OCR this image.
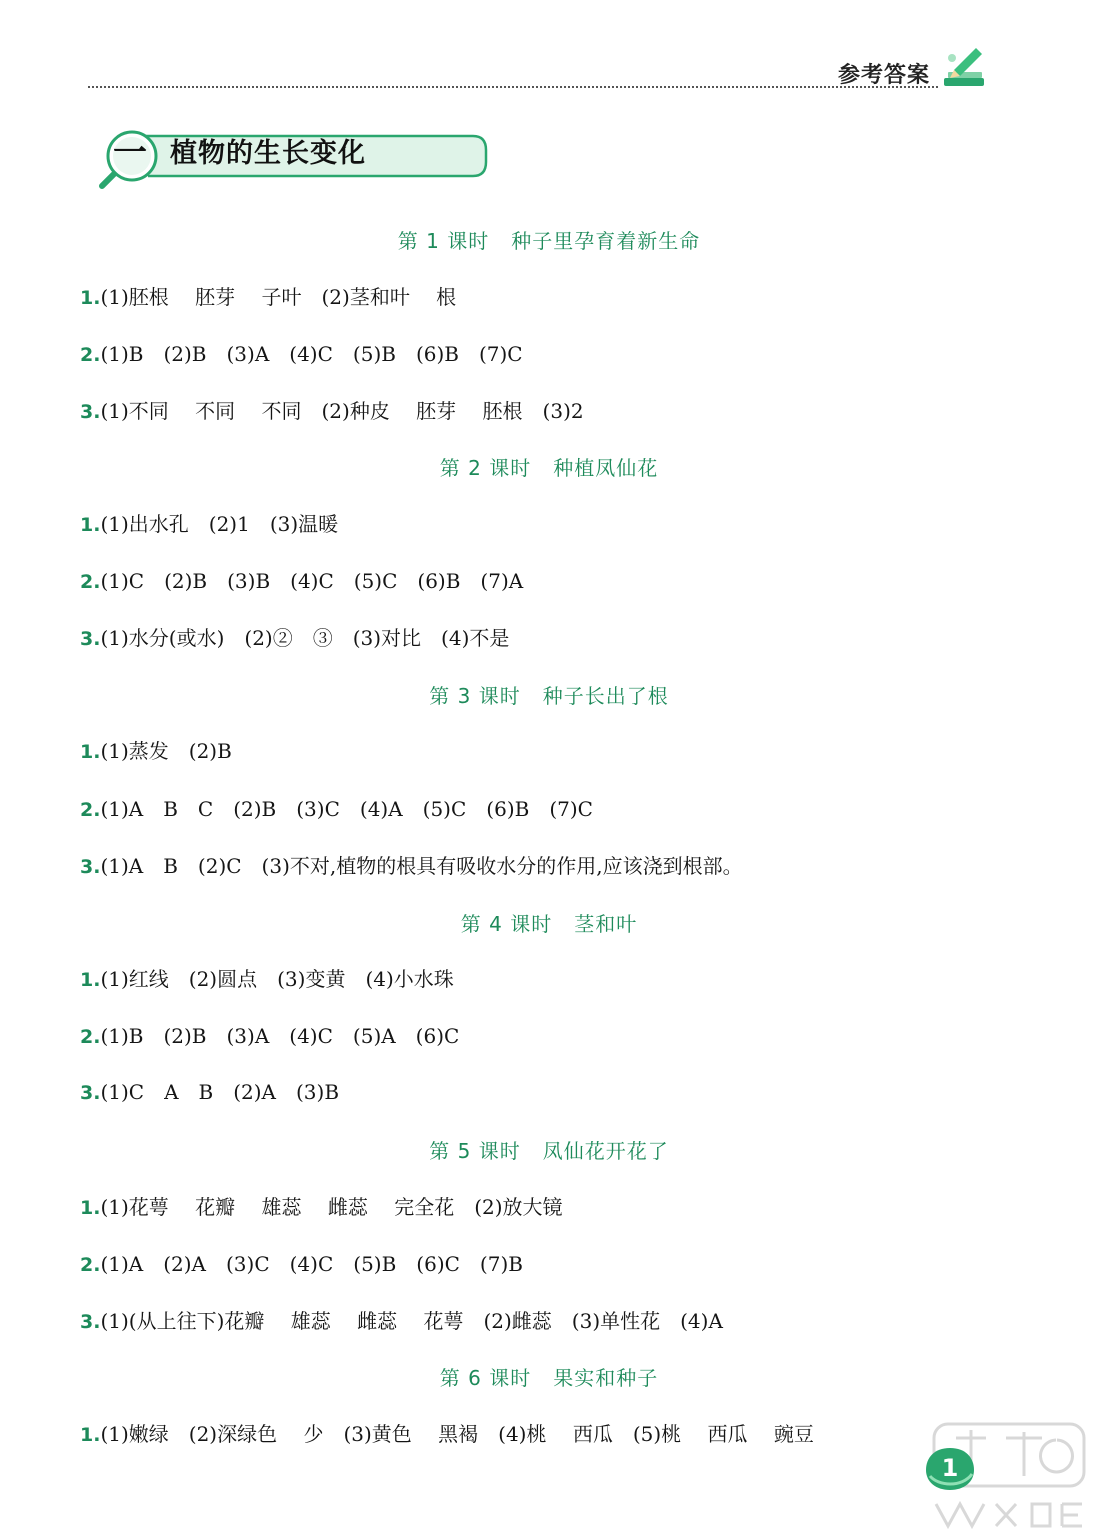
参考答案
一 植物的生长变化
第 1 课时 种子里孕育着新生命
1.(1)胚根　 胚芽　 子叶　(2)茎和叶　 根
2.(1)B　(2)B　(3)A　(4)C　(5)B　(6)B　(7)C
3.(1)不同　 不同　 不同　(2)种皮　 胚芽　 胚根　(3)2
第 2 课时 种植凤仙花
1.(1)出水孔　(2)1　(3)温暖
2.(1)C　(2)B　(3)B　(4)C　(5)C　(6)B　(7)A
3.(1)水分(或水)　(2)②　③　(3)对比　(4)不是
第 3 课时 种子长出了根
1.(1)蒸发　(2)B
2.(1)A　B　C　(2)B　(3)C　(4)A　(5)C　(6)B　(7)C
3.(1)A　B　(2)C　(3)不对,植物的根具有吸收水分的作用,应该浇到根部。
第 4 课时 茎和叶
1.(1)红线　(2)圆点　(3)变黄　(4)小水珠
2.(1)B　(2)B　(3)A　(4)C　(5)A　(6)C
3.(1)C　A　B　(2)A　(3)B
第 5 课时 凤仙花开花了
1.(1)花萼　 花瓣　 雄蕊　 雌蕊　 完全花　(2)放大镜
2.(1)A　(2)A　(3)C　(4)C　(5)B　(6)C　(7)B
3.(1)(从上往下)花瓣　 雄蕊　 雌蕊　 花萼　(2)雌蕊　(3)单性花　(4)A
第 6 课时 果实和种子
1.(1)嫩绿　(2)深绿色　 少　(3)黄色　 黑褐　(4)桃　 西瓜　(5)桃　 西瓜　 豌豆
1
